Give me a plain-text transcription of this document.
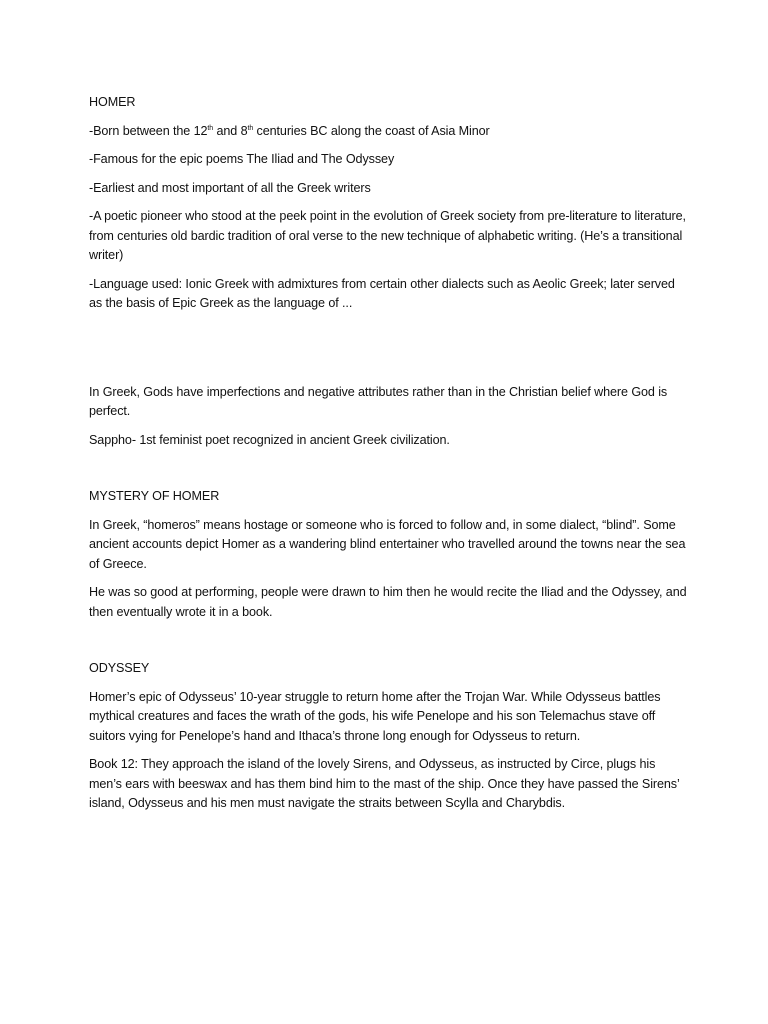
HOMER

-Born between the 12th and 8th centuries BC along the coast of Asia Minor

-Famous for the epic poems The Iliad and The Odyssey

-Earliest and most important of all the Greek writers

-A poetic pioneer who stood at the peek point in the evolution of Greek society from pre-literature to literature, from centuries old bardic tradition of oral verse to the new technique of alphabetic writing. (He’s a transitional writer)

-Language used: Ionic Greek with admixtures from certain other dialects such as Aeolic Greek; later served as the basis of Epic Greek as the language of ...

In Greek, Gods have imperfections and negative attributes rather than in the Christian belief where God is perfect.

Sappho- 1st feminist poet recognized in ancient Greek civilization.

MYSTERY OF HOMER

In Greek, “homeros” means hostage or someone who is forced to follow and, in some dialect, “blind”. Some ancient accounts depict Homer as a wandering blind entertainer who travelled around the towns near the sea of Greece.

He was so good at performing, people were drawn to him then he would recite the Iliad and the Odyssey, and then eventually wrote it in a book.

ODYSSEY

Homer’s epic of Odysseus’ 10-year struggle to return home after the Trojan War. While Odysseus battles mythical creatures and faces the wrath of the gods, his wife Penelope and his son Telemachus stave off suitors vying for Penelope’s hand and Ithaca’s throne long enough for Odysseus to return.

Book 12: They approach the island of the lovely Sirens, and Odysseus, as instructed by Circe, plugs his men’s ears with beeswax and has them bind him to the mast of the ship. Once they have passed the Sirens’ island, Odysseus and his men must navigate the straits between Scylla and Charybdis.
